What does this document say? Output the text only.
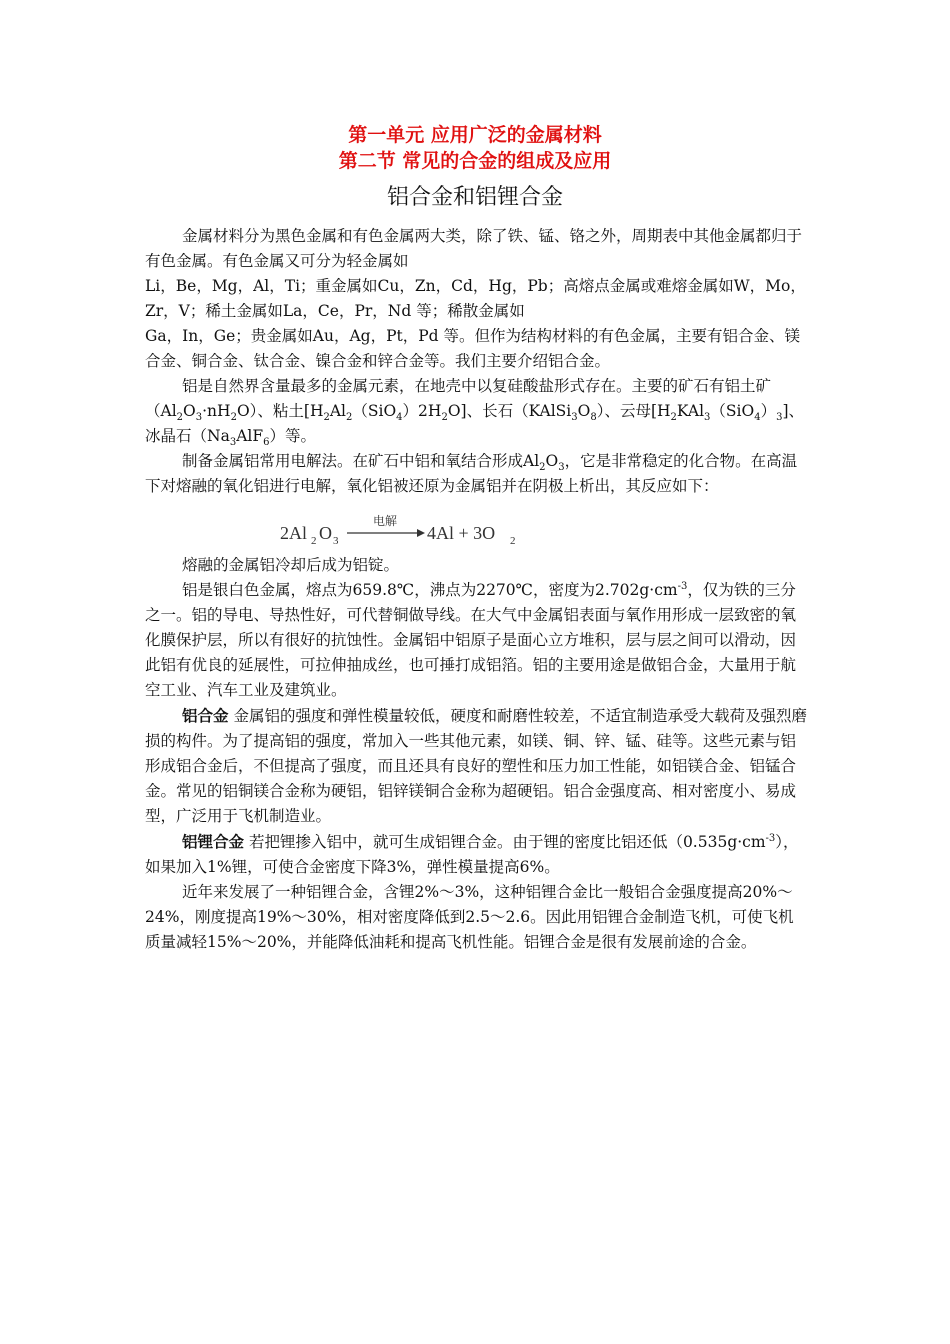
第一单元 应用广泛的金属材料
第二节 常见的合金的组成及应用
铝合金和铝锂合金

金属材料分为黑色金属和有色金属两大类，除了铁、锰、铬之外，周期表中其他金属都归于有色金属。有色金属又可分为轻金属如
Li，Be，Mg，Al，Ti；重金属如Cu，Zn，Cd，Hg，Pb；高熔点金属或难熔金属如W，Mo，Zr，V；稀土金属如La，Ce，Pr，Nd 等；稀散金属如
Ga，In，Ge；贵金属如Au，Ag，Pt，Pd 等。但作为结构材料的有色金属，主要有铝合金、镁合金、铜合金、钛合金、镍合金和锌合金等。我们主要介绍铝合金。

铝是自然界含量最多的金属元素，在地壳中以复硅酸盐形式存在。主要的矿石有铝土矿$(Al_2O_3\cdot nH_2O)$、粘土$[H_2Al_2(SiO_4)2H_2O]$、长石$(KAlSi_3O_8)$、云母$[H_2KAl_3(SiO_4)_3]$、冰晶石$(Na_3AlF_6)$等。

制备金属铝常用电解法。在矿石中铝和氧结合形成$Al_2O_3$，它是非常稳定的化合物。在高温下对熔融的氧化铝进行电解，氧化铝被还原为金属铝并在阴极上析出，其反应如下：

2Al 2 O 3
电解
4Al + 3O 2

熔融的金属铝冷却后成为铝锭。

铝是银白色金属，熔点为659.8℃，沸点为2270℃，密度为$2.702g\cdot cm^{-3}$，仅为铁的三分之一。铝的导电、导热性好，可代替铜做导线。在大气中金属铝表面与氧作用形成一层致密的氧化膜保护层，所以有很好的抗蚀性。金属铝中铝原子是面心立方堆积，层与层之间可以滑动，因此铝有优良的延展性，可拉伸抽成丝，也可捶打成铝箔。铝的主要用途是做铝合金，大量用于航空工业、汽车工业及建筑业。

铝合金 金属铝的强度和弹性模量较低，硬度和耐磨性较差，不适宜制造承受大载荷及强烈磨损的构件。为了提高铝的强度，常加入一些其他元素，如镁、铜、锌、锰、硅等。这些元素与铝形成铝合金后，不但提高了强度，而且还具有良好的塑性和压力加工性能，如铝镁合金、铝锰合金。常见的铝铜镁合金称为硬铝，铝锌镁铜合金称为超硬铝。铝合金强度高、相对密度小、易成型，广泛用于飞机制造业。

铝锂合金 若把锂掺入铝中，就可生成铝锂合金。由于锂的密度比铝还低$(0.535g\cdot cm^{-3})$，如果加入1%锂，可使合金密度下降3%，弹性模量提高6%。

近年来发展了一种铝锂合金，含锂2%～3%，这种铝锂合金比一般铝合金强度提高20%～24%，刚度提高19%～30%，相对密度降低到2.5～2.6。因此用铝锂合金制造飞机，可使飞机质量减轻15%～20%，并能降低油耗和提高飞机性能。铝锂合金是很有发展前途的合金。
